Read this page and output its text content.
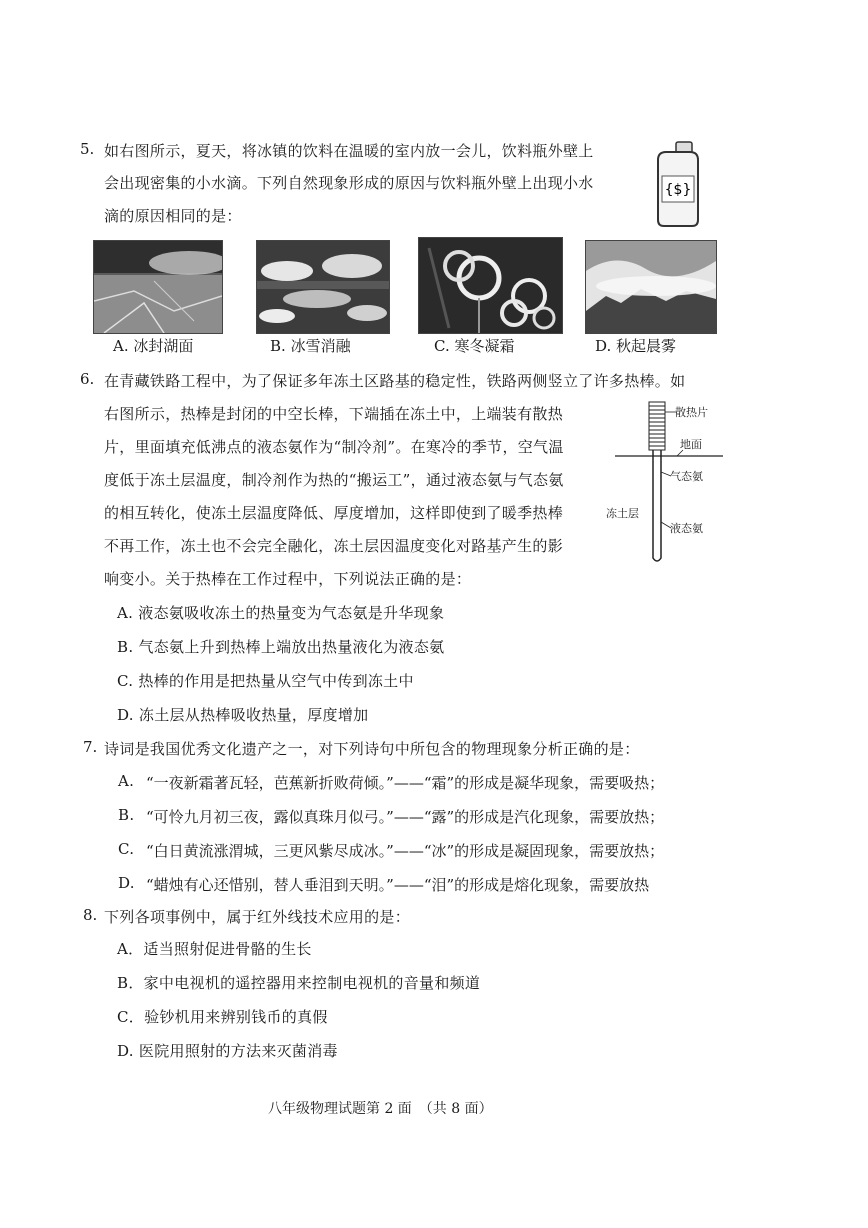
5. 如右图所示，夏天，将冰镇的饮料在温暖的室内放一会儿，饮料瓶外壁上
会出现密集的小水滴。下列自然现象形成的原因与饮料瓶外壁上出现小水
滴的原因相同的是：
{$}
A. 冰封湖面	B. 冰雪消融	C. 寒冬凝霜	D. 秋起晨雾
6. 在青藏铁路工程中，为了保证多年冻土区路基的稳定性，铁路两侧竖立了许多热棒。如
右图所示，热棒是封闭的中空长棒，下端插在冻土中，上端装有散热
片，里面填充低沸点的液态氨作为“制冷剂”。在寒冷的季节，空气温
度低于冻土层温度，制冷剂作为热的“搬运工”，通过液态氨与气态氨
的相互转化，使冻土层温度降低、厚度增加，这样即使到了暖季热棒
不再工作，冻土也不会完全融化，冻土层因温度变化对路基产生的影
响变小。关于热棒在工作过程中，下列说法正确的是：
散热片
地面
气态氨
冻土层
液态氨
A. 液态氨吸收冻土的热量变为气态氨是升华现象
B. 气态氨上升到热棒上端放出热量液化为液态氨
C. 热棒的作用是把热量从空气中传到冻土中
D. 冻土层从热棒吸收热量，厚度增加
7. 诗词是我国优秀文化遗产之一，对下列诗句中所包含的物理现象分析正确的是：
A. “一夜新霜著瓦轻，芭蕉新折败荷倾。”——“霜”的形成是凝华现象，需要吸热；
B. “可怜九月初三夜，露似真珠月似弓。”——“露”的形成是汽化现象，需要放热；
C. “白日黄流涨渭城，三更风紫尽成冰。”——“冰”的形成是凝固现象，需要放热；
D. “蜡烛有心还惜别，替人垂泪到天明。”——“泪”的形成是熔化现象，需要放热
8. 下列各项事例中，属于红外线技术应用的是：
A．适当照射促进骨骼的生长
B．家中电视机的遥控器用来控制电视机的音量和频道
C．验钞机用来辨别钱币的真假
D. 医院用照射的方法来灭菌消毒
八年级物理试题第 2 面　（共 8 面）
